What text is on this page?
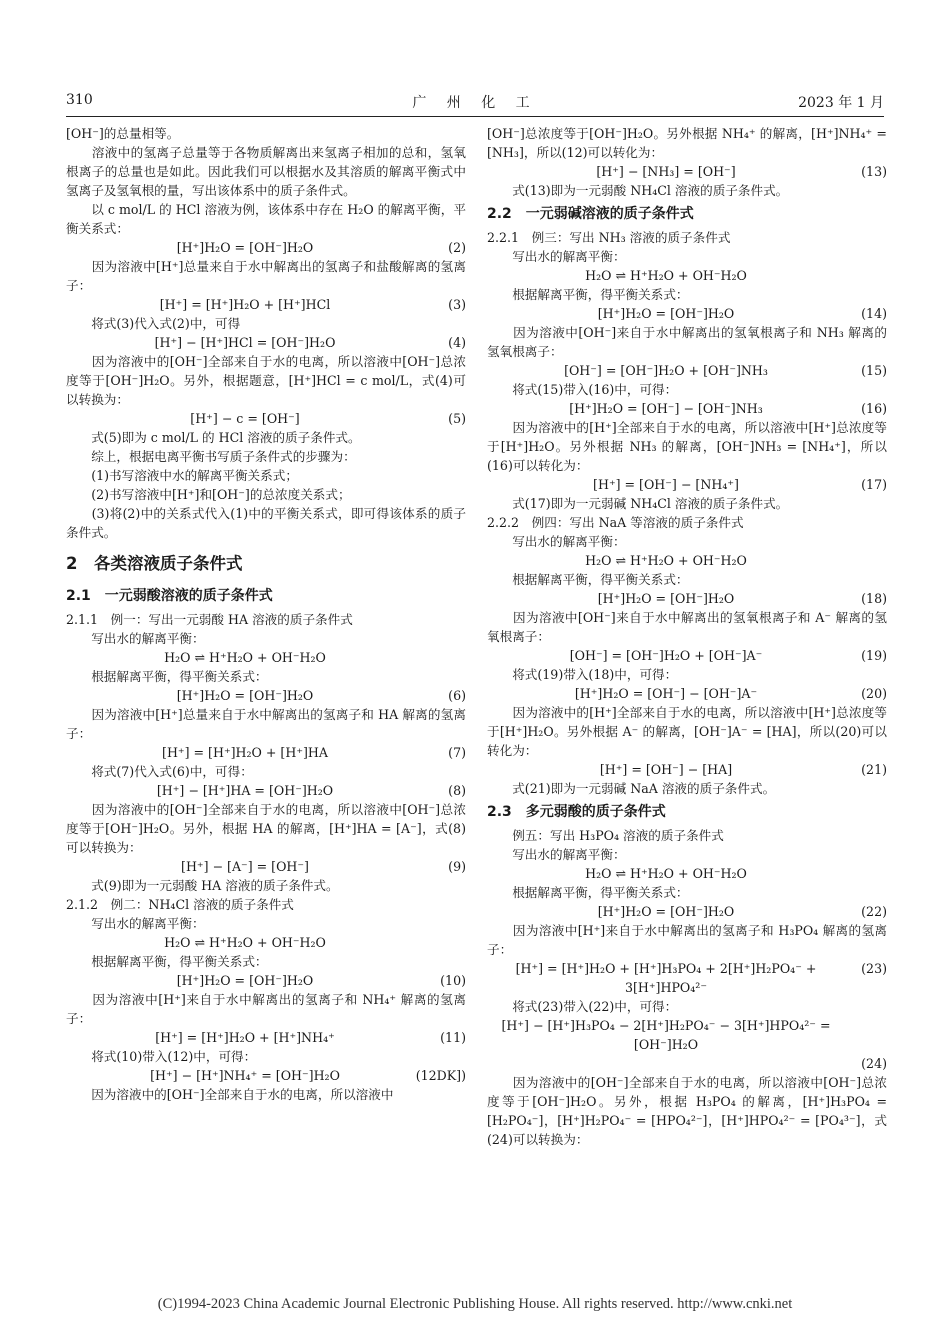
310	广 州 化 工	2023 年 1 月
[OH⁻]的总量相等。
　　溶液中的氢离子总量等于各物质解离出来氢离子相加的总和，氢氧根离子的总量也是如此。因此我们可以根据水及其溶质的解离平衡式中氢离子及氢氧根的量，写出该体系中的质子条件式。
　　以 c mol/L 的 HCl 溶液为例，该体系中存在 H₂O 的解离平衡，平衡关系式：
[H⁺]H₂O = [OH⁻]H₂O	(2)
　　因为溶液中[H⁺]总量来自于水中解离出的氢离子和盐酸解离的氢离子：
[H⁺] = [H⁺]H₂O + [H⁺]HCl	(3)
　　将式(3)代入式(2)中，可得
[H⁺] − [H⁺]HCl = [OH⁻]H₂O	(4)
　　因为溶液中的[OH⁻]全部来自于水的电离，所以溶液中[OH⁻]总浓度等于[OH⁻]H₂O。另外，根据题意，[H⁺]HCl = c mol/L，式(4)可以转换为：
[H⁺] − c = [OH⁻]	(5)
　　式(5)即为 c mol/L 的 HCl 溶液的质子条件式。
　　综上，根据电离平衡书写质子条件式的步骤为：
　　(1)书写溶液中水的解离平衡关系式；
　　(2)书写溶液中[H⁺]和[OH⁻]的总浓度关系式；
　　(3)将(2)中的关系式代入(1)中的平衡关系式，即可得该体系的质子条件式。
2　各类溶液质子条件式
2.1　一元弱酸溶液的质子条件式
2.1.1　例一：写出一元弱酸 HA 溶液的质子条件式
　　写出水的解离平衡：
H₂O ⇌ H⁺H₂O + OH⁻H₂O
　　根据解离平衡，得平衡关系式：
[H⁺]H₂O = [OH⁻]H₂O	(6)
　　因为溶液中[H⁺]总量来自于水中解离出的氢离子和 HA 解离的氢离子：
[H⁺] = [H⁺]H₂O + [H⁺]HA	(7)
　　将式(7)代入式(6)中，可得：
[H⁺] − [H⁺]HA = [OH⁻]H₂O	(8)
　　因为溶液中的[OH⁻]全部来自于水的电离，所以溶液中[OH⁻]总浓度等于[OH⁻]H₂O。另外，根据 HA 的解离，[H⁺]HA = [A⁻]，式(8)可以转换为：
[H⁺] − [A⁻] = [OH⁻]	(9)
　　式(9)即为一元弱酸 HA 溶液的质子条件式。
2.1.2　例二：NH₄Cl 溶液的质子条件式
　　写出水的解离平衡：
H₂O ⇌ H⁺H₂O + OH⁻H₂O
　　根据解离平衡，得平衡关系式：
[H⁺]H₂O = [OH⁻]H₂O	(10)
　　因为溶液中[H⁺]来自于水中解离出的氢离子和 NH₄⁺ 解离的氢离子：
[H⁺] = [H⁺]H₂O + [H⁺]NH₄⁺	(11)
　　将式(10)带入(12)中，可得：
[H⁺] − [H⁺]NH₄⁺ = [OH⁻]H₂O	(12DK])
　　因为溶液中的[OH⁻]全部来自于水的电离，所以溶液中
[OH⁻]总浓度等于[OH⁻]H₂O。另外根据 NH₄⁺ 的解离，[H⁺]NH₄⁺ = [NH₃]，所以(12)可以转化为：
[H⁺] − [NH₃] = [OH⁻]	(13)
　　式(13)即为一元弱酸 NH₄Cl 溶液的质子条件式。
2.2　一元弱碱溶液的质子条件式
2.2.1　例三：写出 NH₃ 溶液的质子条件式
　　写出水的解离平衡：
H₂O ⇌ H⁺H₂O + OH⁻H₂O
　　根据解离平衡，得平衡关系式：
[H⁺]H₂O = [OH⁻]H₂O	(14)
　　因为溶液中[OH⁻]来自于水中解离出的氢氧根离子和 NH₃ 解离的氢氧根离子：
[OH⁻] = [OH⁻]H₂O + [OH⁻]NH₃	(15)
　　将式(15)带入(16)中，可得：
[H⁺]H₂O = [OH⁻] − [OH⁻]NH₃	(16)
　　因为溶液中的[H⁺]全部来自于水的电离，所以溶液中[H⁺]总浓度等于[H⁺]H₂O。另外根据 NH₃ 的解离，[OH⁻]NH₃ = [NH₄⁺]，所以(16)可以转化为：
[H⁺] = [OH⁻] − [NH₄⁺]	(17)
　　式(17)即为一元弱碱 NH₄Cl 溶液的质子条件式。
2.2.2　例四：写出 NaA 等溶液的质子条件式
　　写出水的解离平衡：
H₂O ⇌ H⁺H₂O + OH⁻H₂O
　　根据解离平衡，得平衡关系式：
[H⁺]H₂O = [OH⁻]H₂O	(18)
　　因为溶液中[OH⁻]来自于水中解离出的氢氧根离子和 A⁻ 解离的氢氧根离子：
[OH⁻] = [OH⁻]H₂O + [OH⁻]A⁻	(19)
　　将式(19)带入(18)中，可得：
[H⁺]H₂O = [OH⁻] − [OH⁻]A⁻	(20)
　　因为溶液中的[H⁺]全部来自于水的电离，所以溶液中[H⁺]总浓度等于[H⁺]H₂O。另外根据 A⁻ 的解离，[OH⁻]A⁻ = [HA]，所以(20)可以转化为：
[H⁺] = [OH⁻] − [HA]	(21)
　　式(21)即为一元弱碱 NaA 溶液的质子条件式。
2.3　多元弱酸的质子条件式
　　例五：写出 H₃PO₄ 溶液的质子条件式
　　写出水的解离平衡：
H₂O ⇌ H⁺H₂O + OH⁻H₂O
　　根据解离平衡，得平衡关系式：
[H⁺]H₂O = [OH⁻]H₂O	(22)
　　因为溶液中[H⁺]来自于水中解离出的氢离子和 H₃PO₄ 解离的氢离子：
[H⁺] = [H⁺]H₂O + [H⁺]H₃PO₄ + 2[H⁺]H₂PO₄⁻ + 3[H⁺]HPO₄²⁻
(23)
　　将式(23)带入(22)中，可得：
[H⁺] − [H⁺]H₃PO₄ − 2[H⁺]H₂PO₄⁻ − 3[H⁺]HPO₄²⁻ = [OH⁻]H₂O
(24)
　　因为溶液中的[OH⁻]全部来自于水的电离，所以溶液中[OH⁻]总浓度等于[OH⁻]H₂O。另外，根据 H₃PO₄ 的解离，[H⁺]H₃PO₄ = [H₂PO₄⁻]，[H⁺]H₂PO₄⁻ = [HPO₄²⁻]，[H⁺]HPO₄²⁻ = [PO₄³⁻]，式(24)可以转换为：
(C)1994-2023 China Academic Journal Electronic Publishing House. All rights reserved. http://www.cnki.net
